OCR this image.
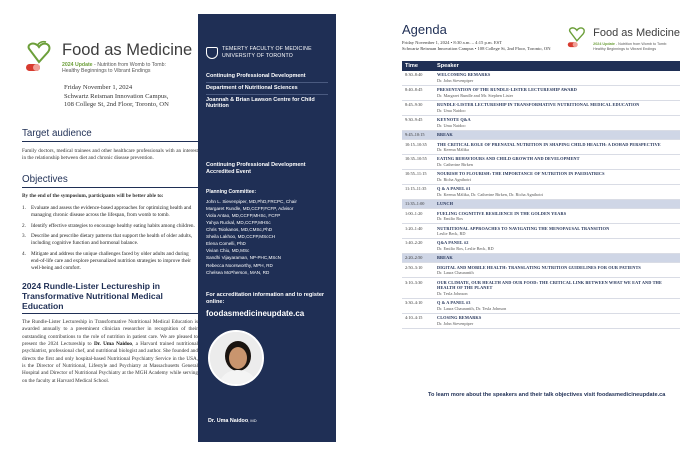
Food as Medicine
2024 Update - Nutrition from Womb to Tomb:
Healthy Beginnings to Vibrant Endings
Friday November 1, 2024
Schwartz Reisman Innovation Campus,
108 College St, 2nd Floor, Toronto, ON
Target audience

Family doctors, medical trainees and other healthcare professionals with an interest in the relationship between diet and chronic disease prevention.

Objectives

By the end of the symposium, participants will be better able to:

1. Evaluate and assess the evidence-based approaches for optimizing health and managing chronic disease across the lifespan, from womb to tomb.
2. Identify effective strategies to encourage healthy eating habits among children.
3. Describe and prescribe dietary patterns that support the health of older adults, including cognitive function and hormonal balance.
4. Mitigate and address the unique challenges faced by older adults and during end-of-life care and explore personalized nutrition strategies to improve their well-being and comfort.
2024 Rundle-Lister Lectureship in Transformative Nutritional Medical Education

The Rundle-Lister Lectureship in Transformative Nutritional Medical Education is awarded annually to a preeminent clinician researcher in recognition of their outstanding contributions to the role of nutrition in patient care. We are pleased to present the 2024 Lectureship to Dr. Uma Naidoo, a Harvard trained nutritional psychiatrist, professional chef, and nutritional biologist and author. She founded and directs the first and only hospital-based Nutritional Psychiatry Service in the USA, is the Director of Nutritional, Lifestyle and Psychiatry at Massachusetts General Hospital and Director of Nutritional Psychiatry at the MGH Academy while serving on the faculty at Harvard Medical School.

TEMERTY FACULTY OF MEDICINE
UNIVERSITY OF TORONTO
Continuing Professional Development
Department of Nutritional Sciences
Joannah & Brian Lawson Centre for Child Nutrition
Continuing Professional Development
Accredited Event
Planning Committee:
John L. Sievenpiper, MD,PhD,FRCPC, Chair
Margaret Rundle, MD,CCFP,FCFP, Advisor
Viola Antao, MD,CCFP,MHSc, FCFP
Yahya Ruckal, MD,CCFP,MHSc
Chris Tsiokanos, MD,CMSc,PhD
Sheila Lakhoo, MD,CCFP,MScCH
Elena Comelli, PhD
Vivian Chiu, MD,MSc
Sandhi Vijayaraman, NP-PHC,MScN
Rebecca Noorsworthy, MPH, RD
Chelsea McPherson, MAN, RD
For accreditation information and to register online:
foodasmedicineupdate.ca
Dr. Uma Naidoo, MD
Agenda
Friday November 1, 2024 • 8:30 a.m. – 4:15 p.m. EST
Schwartz Reisman Innovation Campus • 108 College St, 2nd Floor, Toronto, ON
Food as Medicine
2024 Update - Nutrition from Womb to Tomb:
Healthy Beginnings to Vibrant Endings
Time	Speaker
8:30–8:40	WELCOMING REMARKS
Dr. John Sievenpiper

8:40–8:45	PRESENTATION OF THE RUNDLE-LISTER LECTURESHIP AWARD
Dr. Margaret Rundle and Mr. Stephen Lister

8:45–9:30	RUNDLE-LISTER LECTURESHIP IN TRANSFORMATIVE NUTRITIONAL MEDICAL EDUCATION
Dr. Uma Naidoo

9:30–9:45	KEYNOTE Q&A
Dr. Uma Naidoo

9:45–10:15	BREAK

10:15–10:35	THE CRITICAL ROLE OF PRENATAL NUTRITION IN SHAPING CHILD HEALTH: A DOHAD PERSPECTIVE
Dr. Keema Mälika

10:35–10:55	EATING BEHAVIOURS AND CHILD GROWTH AND DEVELOPMENT
Dr. Catherine Birken

10:55–11:15	NOURISH TO FLOURISH: THE IMPORTANCE OF NUTRITION IN PAEDIATRICS
Dr. Richa Agnihotri

11:15–11:35	Q & A PANEL #1
Dr. Keema Mälika, Dr. Catherine Birken, Dr. Richa Agnihotri

11:35–1:00	LUNCH

1:00–1:20	FUELING COGNITIVE RESILIENCE IN THE GOLDEN YEARS
Dr. Emilio Ros

1:20–1:40	NUTRITIONAL APPROACHES TO NAVIGATING THE MENOPAUSAL TRANSITION
Leslie Beck, RD

1:40–2:20	Q&A PANEL #2
Dr. Emilio Ros, Leslie Beck, RD

2:20–2:50	BREAK

2:50–3:10	DIGITAL AND MOBILE HEALTH: TRANSLATING NUTRITION GUIDELINES FOR OUR PATIENTS
Dr. Laura Chaurantih

3:10–3:30	OUR CLIMATE, OUR HEALTH AND OUR FOOD: THE CRITICAL LINK BETWEEN WHAT WE EAT AND THE HEALTH OF THE PLANET
Dr. Tesla Johnson

3:30–4:10	Q & A PANEL #3
Dr. Laura Chaurantih, Dr. Tesla Johnson

4:10–4:15	CLOSING REMARKS
Dr. John Sievenpiper
To learn more about the speakers and their talk objectives visit foodasmedicineupdate.ca
